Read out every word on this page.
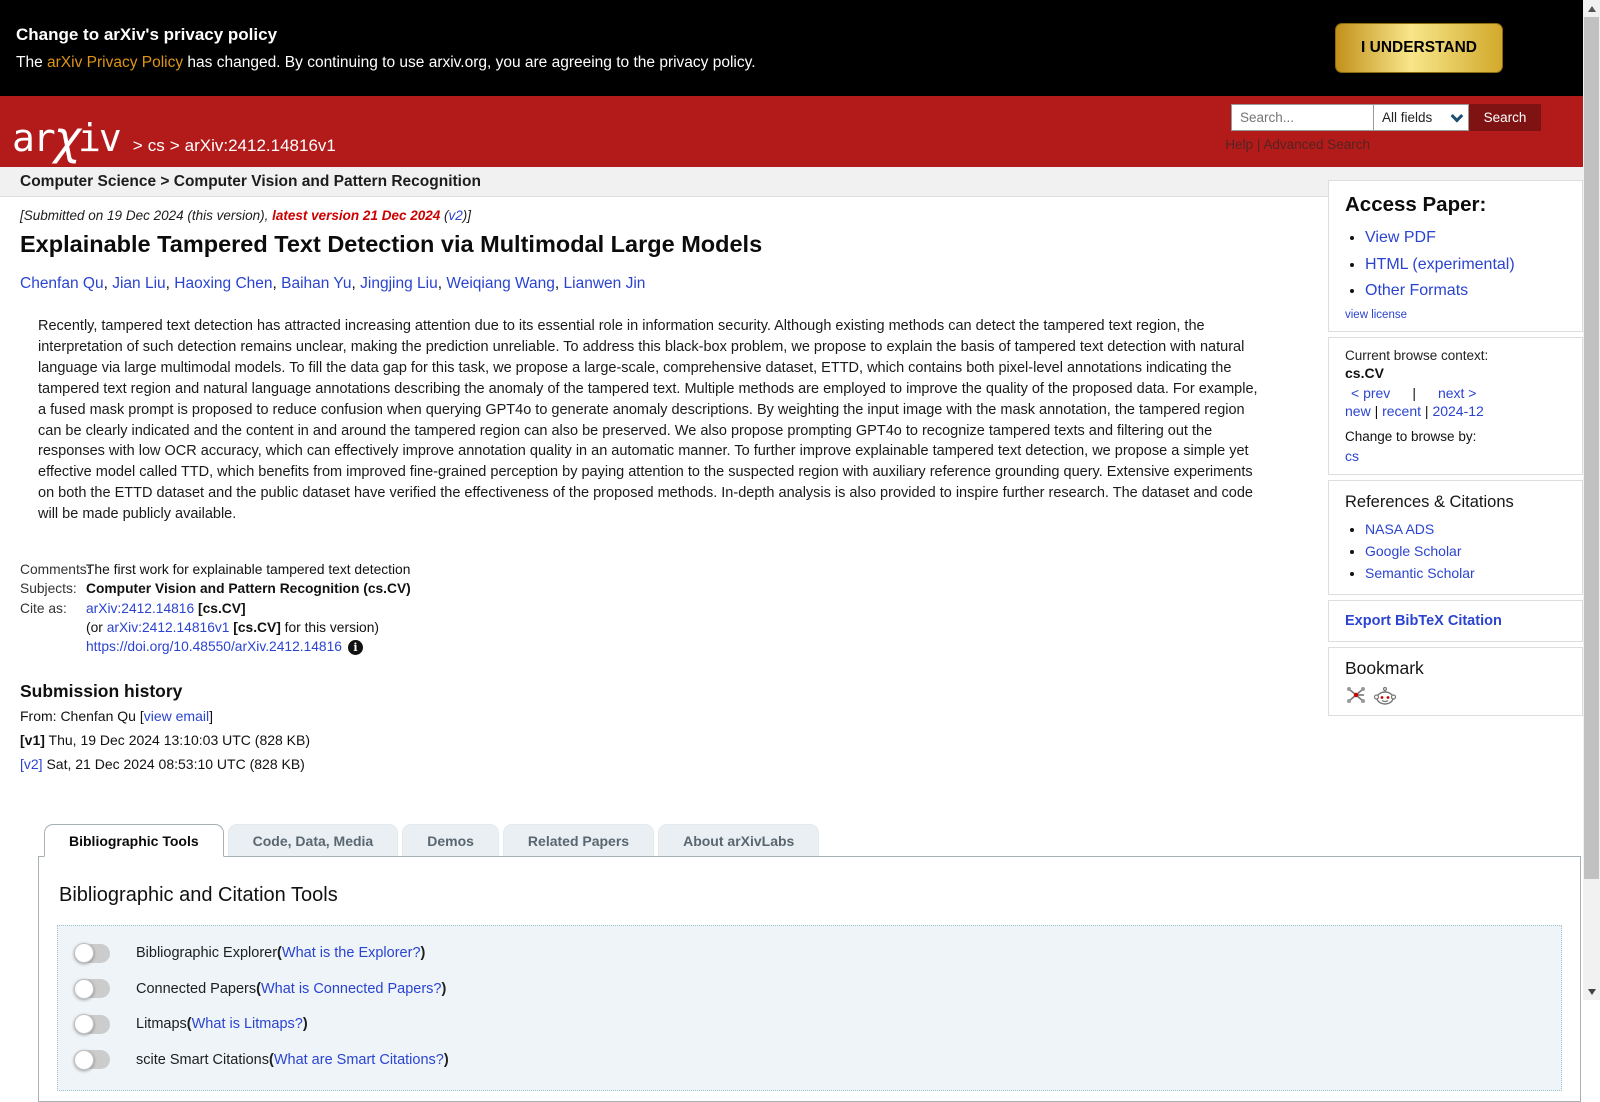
Change to arXiv's privacy policy
The arXiv Privacy Policy has changed. By continuing to use arxiv.org, you are agreeing to the privacy policy.
I UNDERSTAND
arχiv > cs > arXiv:2412.14816v1
Search...
All fields	Search
Help | Advanced Search
Computer Science > Computer Vision and Pattern Recognition
[Submitted on 19 Dec 2024 (this version), latest version 21 Dec 2024 (v2)]
Explainable Tampered Text Detection via Multimodal Large Models
Chenfan Qu, Jian Liu, Haoxing Chen, Baihan Yu, Jingjing Liu, Weiqiang Wang, Lianwen Jin
Recently, tampered text detection has attracted increasing attention due to its essential role in information security. Although existing methods can detect the tampered text region, the interpretation of such detection remains unclear, making the prediction unreliable. To address this black-box problem, we propose to explain the basis of tampered text detection with natural language via large multimodal models. To fill the data gap for this task, we propose a large-scale, comprehensive dataset, ETTD, which contains both pixel-level annotations indicating the tampered text region and natural language annotations describing the anomaly of the tampered text. Multiple methods are employed to improve the quality of the proposed data. For example, a fused mask prompt is proposed to reduce confusion when querying GPT4o to generate anomaly descriptions. By weighting the input image with the mask annotation, the tampered region can be clearly indicated and the content in and around the tampered region can also be preserved. We also propose prompting GPT4o to recognize tampered texts and filtering out the responses with low OCR accuracy, which can effectively improve annotation quality in an automatic manner. To further improve explainable tampered text detection, we propose a simple yet effective model called TTD, which benefits from improved fine-grained perception by paying attention to the suspected region with auxiliary reference grounding query. Extensive experiments on both the ETTD dataset and the public dataset have verified the effectiveness of the proposed methods. In-depth analysis is also provided to inspire further research. The dataset and code will be made publicly available.
Comments:
The first work for explainable tampered text detection
Subjects: Computer Vision and Pattern Recognition (cs.CV)
Cite as:	arXiv:2412.14816 [cs.CV]
(or arXiv:2412.14816v1 [cs.CV] for this version)
https://doi.org/10.48550/arXiv.2412.14816 i
Submission history
From: Chenfan Qu [view email]
[v1] Thu, 19 Dec 2024 13:10:03 UTC (828 KB)
[v2] Sat, 21 Dec 2024 08:53:10 UTC (828 KB)
Bibliographic Tools	Code, Data, Media	Demos	Related Papers	About arXivLabs
Bibliographic and Citation Tools
Bibliographic Explorer ( What is the Explorer? )
Connected Papers ( What is Connected Papers? )
Litmaps ( What is Litmaps? )
scite Smart Citations ( What are Smart Citations? )
Access Paper:
• View PDF
• HTML (experimental)
• Other Formats
view license
Current browse context:
cs.CV
< prev | next >
new | recent | 2024-12
Change to browse by:
cs
References & Citations
• NASA ADS
• Google Scholar
• Semantic Scholar
Export BibTeX Citation
Bookmark
